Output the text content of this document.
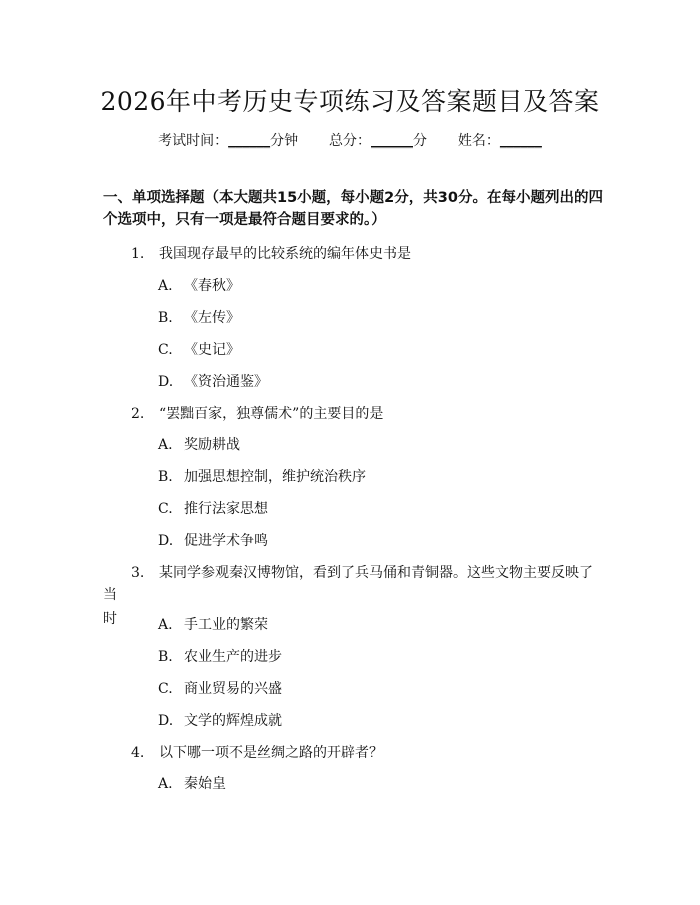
2026年中考历史专项练习及答案题目及答案
考试时间：______分钟 总分：______分 姓名：______
一、单项选择题（本大题共15小题，每小题2分，共30分。在每小题列出的四个选项中，只有一项是最符合题目要求的。）
1. 我国现存最早的比较系统的编年体史书是
A. 《春秋》
B. 《左传》
C. 《史记》
D. 《资治通鉴》
2. “罢黜百家，独尊儒术”的主要目的是
A. 奖励耕战
B. 加强思想控制，维护统治秩序
C. 推行法家思想
D. 促进学术争鸣
3. 某同学参观秦汉博物馆，看到了兵马俑和青铜器。这些文物主要反映了当
时	A. 手工业的繁荣
B. 农业生产的进步
C. 商业贸易的兴盛
D. 文学的辉煌成就
4. 以下哪一项不是丝绸之路的开辟者？
A. 秦始皇
